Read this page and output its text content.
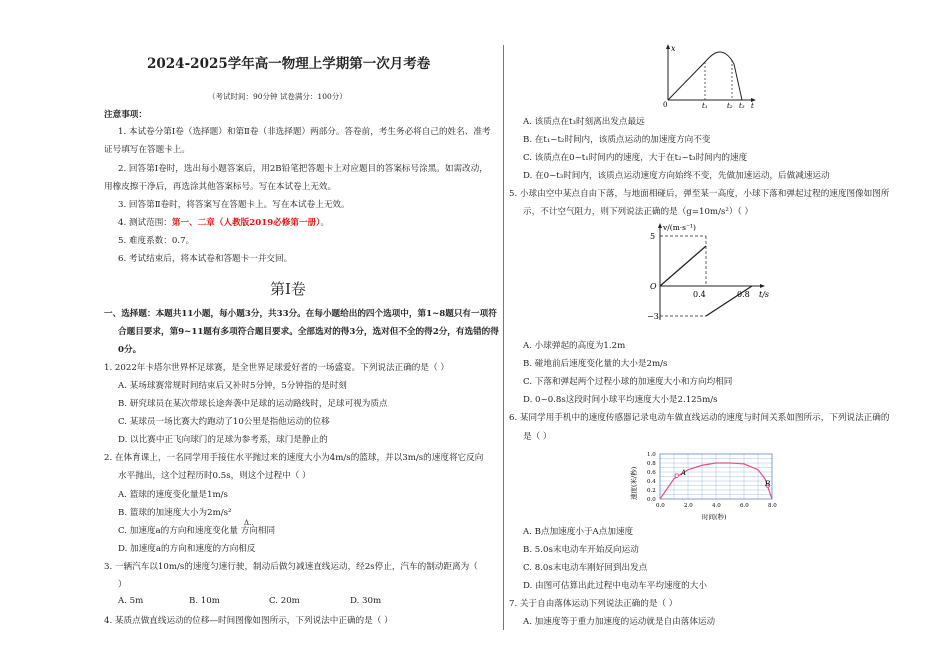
2024-2025学年高一物理上学期第一次月考卷
（考试时间：90分钟 试卷满分：100分）
注意事项：
1. 本试卷分第Ⅰ卷（选择题）和第Ⅱ卷（非选择题）两部分。答卷前，考生务必将自己的姓名、准考
证号填写在答题卡上。
2. 回答第Ⅰ卷时，选出每小题答案后，用2B铅笔把答题卡上对应题目的答案标号涂黑。如需改动，
用橡皮擦干净后，再选涂其他答案标号。写在本试卷上无效。
3. 回答第Ⅱ卷时，将答案写在答题卡上。写在本试卷上无效。
4. 测试范围：第一、二章（人教版2019必修第一册）。
5. 难度系数：0.7。
6. 考试结束后，将本试卷和答题卡一并交回。
第Ⅰ卷
一、选择题：本题共11小题，每小题3分，共33分。在每小题给出的四个选项中，第1~8题只有一项符
合题目要求，第9~11题有多项符合题目要求。全部选对的得3分，选对但不全的得2分，有选错的得
0分。
1. 2022年卡塔尔世界杯足球赛，是全世界足球爱好者的一场盛宴。下列说法正确的是（ ）
A. 某场球赛常规时间结束后又补时5分钟，5分钟指的是时刻
B. 研究球员在某次带球长途奔袭中足球的运动路线时，足球可视为质点
C. 某球员一场比赛大约跑动了10公里是指他运动的位移
D. 以比赛中正飞向球门的足球为参考系，球门是静止的
2. 在体育课上，一名同学用手接住水平抛过来的速度大小为4m/s的篮球，并以3m/s的速度将它反向
水平抛出，这个过程历时0.5s，则这个过程中（ ）
A. 篮球的速度变化量是1m/s
B. 篮球的加速度大小为2m/s²
C. 加速度a的方向和速度变化量 方向相同
Δ‥
D. 加速度a的方向和速度的方向相反
3. 一辆汽车以10m/s的速度匀速行驶，制动后做匀减速直线运动，经2s停止，汽车的制动距离为（
）
A. 5m	B. 10m	C. 20m	D. 30m
4. 某质点做直线运动的位移—时间图像如图所示，下列说法中正确的是（ ）
x
0	t₁	t₂ t₃ t
A. 该质点在t₃时刻离出发点最远
B. 在t₁~t₂时间内，该质点运动的加速度方向不变
C. 该质点在0~t₁时间内的速度，大于在t₂~t₃时间内的速度
D. 在0~t₃时间内，该质点运动速度方向始终不变，先做加速运动，后做减速运动
5. 小球由空中某点自由下落，与地面相碰后，弹至某一高度，小球下落和弹起过程的速度图像如图所
示，不计空气阻力，则下列说法正确的是（g=10m/s²）（ ）
v/(m·s⁻¹)
5
−3
O
0.4	0.8 t/s
A. 小球弹起的高度为1.2m
B. 碰地前后速度变化量的大小是2m/s
C. 下落和弹起两个过程小球的加速度大小和方向均相同
D. 0~0.8s这段时间小球平均速度大小是2.125m/s
6. 某同学用手机中的速度传感器记录电动车做直线运动的速度与时间关系如图所示，下列说法正确的
是（ ）
A
B
1.0
0.8
0.6
0.4
0.2
0.0
0.0	2.0	4.0	6.0	8.0
速度(米/秒)
时间(秒)
A. B点加速度小于A点加速度
B. 5.0s末电动车开始反向运动
C. 8.0s末电动车刚好回到出发点
D. 由图可估算出此过程中电动车平均速度的大小
7. 关于自由落体运动下列说法正确的是（ ）
A. 加速度等于重力加速度的运动就是自由落体运动
